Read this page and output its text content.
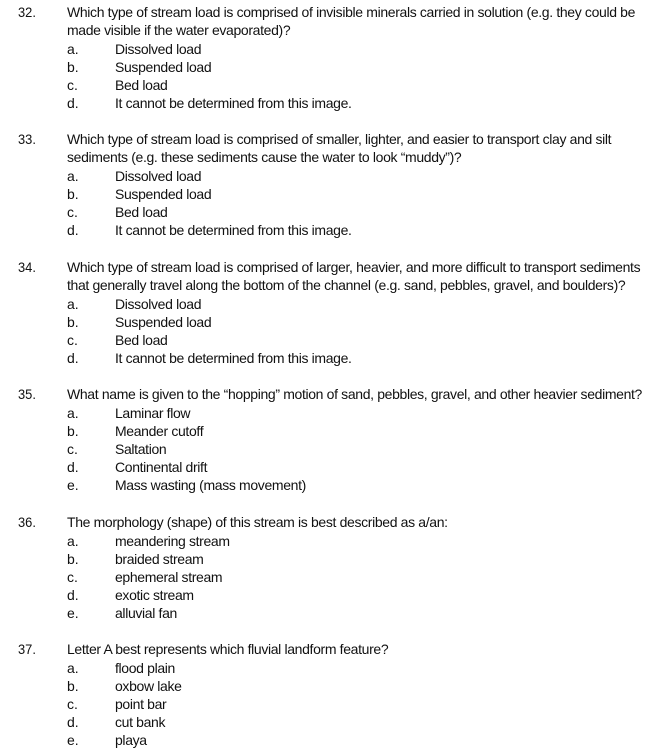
32. Which type of stream load is comprised of invisible minerals carried in solution (e.g. they could be made visible if the water evaporated)?
a.	Dissolved load
b.	Suspended load
c.	Bed load
d.	It cannot be determined from this image.
33. Which type of stream load is comprised of smaller, lighter, and easier to transport clay and silt sediments (e.g. these sediments cause the water to look “muddy”)?
a.	Dissolved load
b.	Suspended load
c.	Bed load
d.	It cannot be determined from this image.
34. Which type of stream load is comprised of larger, heavier, and more difficult to transport sediments that generally travel along the bottom of the channel (e.g. sand, pebbles, gravel, and boulders)?
a.	Dissolved load
b.	Suspended load
c.	Bed load
d.	It cannot be determined from this image.
35. What name is given to the “hopping” motion of sand, pebbles, gravel, and other heavier sediment?
a.	Laminar flow
b.	Meander cutoff
c.	Saltation
d.	Continental drift
e.	Mass wasting (mass movement)
36. The morphology (shape) of this stream is best described as a/an:
a.	meandering stream
b.	braided stream
c.	ephemeral stream
d.	exotic stream
e.	alluvial fan
37. Letter A best represents which fluvial landform feature?
a.	flood plain
b.	oxbow lake
c.	point bar
d.	cut bank
e.	playa
